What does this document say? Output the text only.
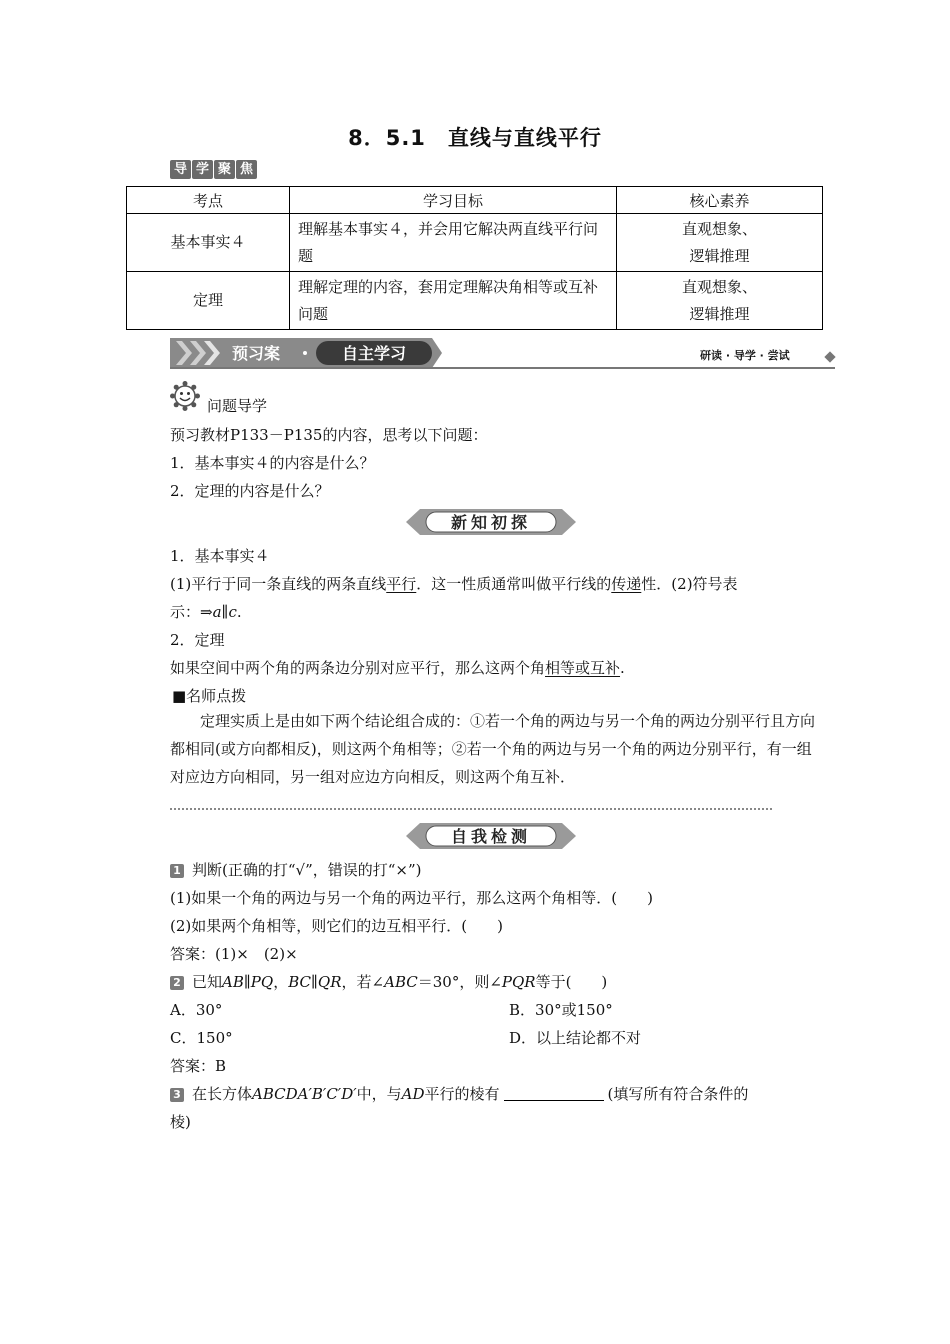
8．5.1　直线与直线平行
导 学 聚 焦
考点	学习目标	核心素养
基本事实４	理解基本事实４，并会用它解决两直线平行问题	直观想象、
逻辑推理

定理	理解定理的内容，套用定理解决角相等或互补问题	直观想象、
逻辑推理
预习案	自主学习	研读 · 导学 · 尝试
问题导学
预习教材P133－P135的内容，思考以下问题：
1．基本事实４的内容是什么？
2．定理的内容是什么？
新知初探
1．基本事实４
(1)平行于同一条直线的两条直线平行．这一性质通常叫做平行线的传递性．(2)符号表
示：⇒a∥c.
2．定理
如果空间中两个角的两条边分别对应平行，那么这两个角相等或互补.
■名师点拨
定理实质上是由如下两个结论组合成的：①若一个角的两边与另一个角的两边分别平行且方向都相同(或方向都相反)，则这两个角相等；②若一个角的两边与另一个角的两边分别平行，有一组对应边方向相同，另一组对应边方向相反，则这两个角互补．
自我检测
1 判断(正确的打“√”，错误的打“×”)
(1)如果一个角的两边与另一个角的两边平行，那么这两个角相等．(　　)
(2)如果两个角相等，则它们的边互相平行．(　　)
答案：(1)×　(2)×
2 已知AB∥PQ，BC∥QR，若∠ABC＝30°，则∠PQR等于(　　)
A．30°	B．30°或150°
C．150°	D．以上结论都不对
答案：B
3 在长方体ABCDA′B′C′D′中，与AD平行的棱有	(填写所有符合条件的
棱)
